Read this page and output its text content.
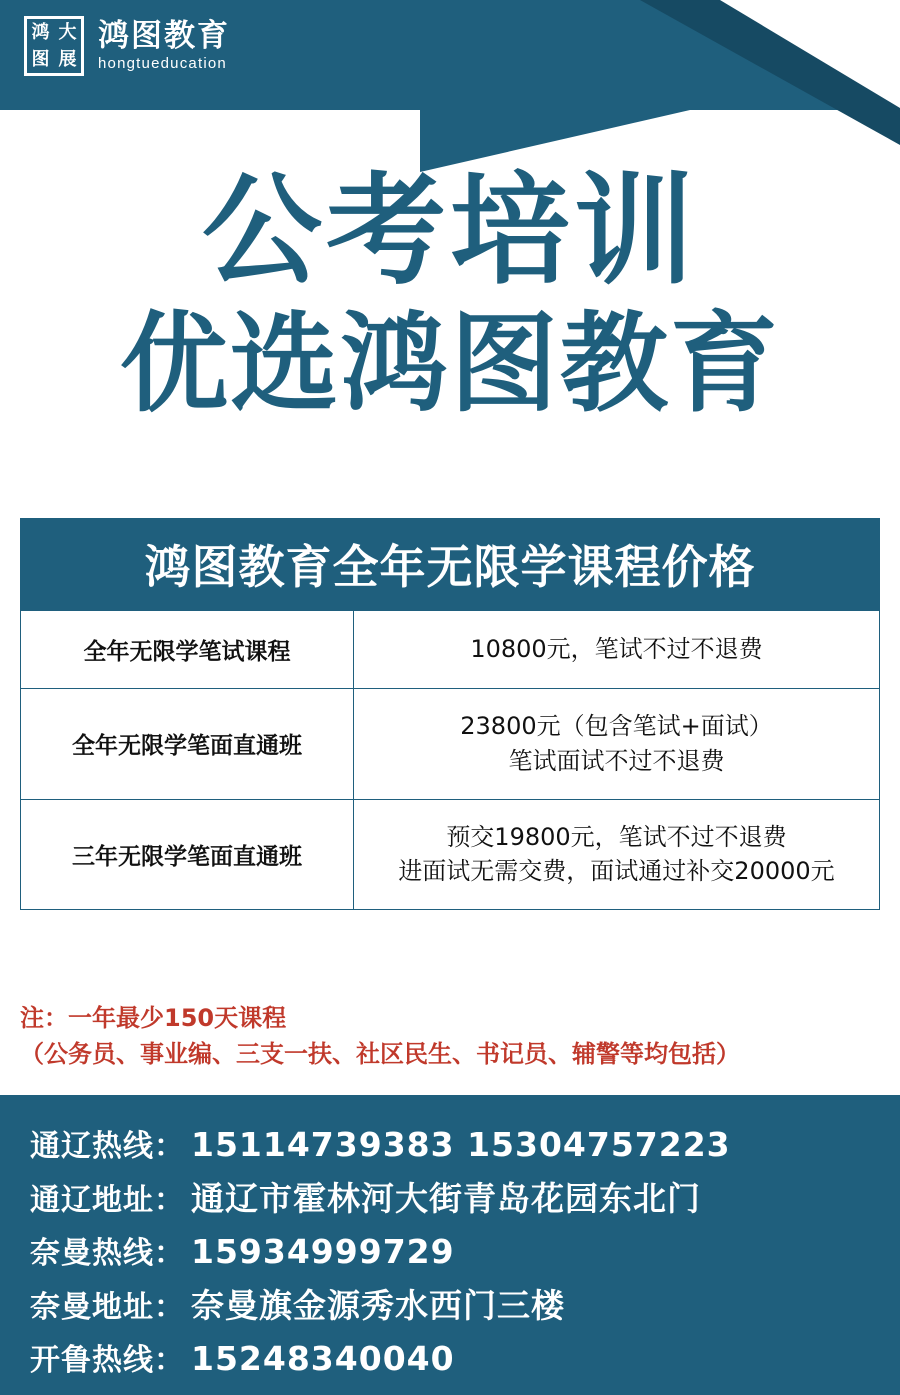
鸿 大
图 展
鸿图教育
hongtueducation
公考培训
优选鸿图教育
鸿图教育全年无限学课程价格
全年无限学笔试课程	10800元，笔试不过不退费

全年无限学笔面直通班	23800元（包含笔试+面试）
笔试面试不过不退费

三年无限学笔面直通班	预交19800元，笔试不过不退费
进面试无需交费，面试通过补交20000元
注：一年最少150天课程
（公务员、事业编、三支一扶、社区民生、书记员、辅警等均包括）
通辽热线： 15114739383 15304757223
通辽地址： 通辽市霍林河大街青岛花园东北门
奈曼热线： 15934999729
奈曼地址： 奈曼旗金源秀水西门三楼
开鲁热线： 15248340040
